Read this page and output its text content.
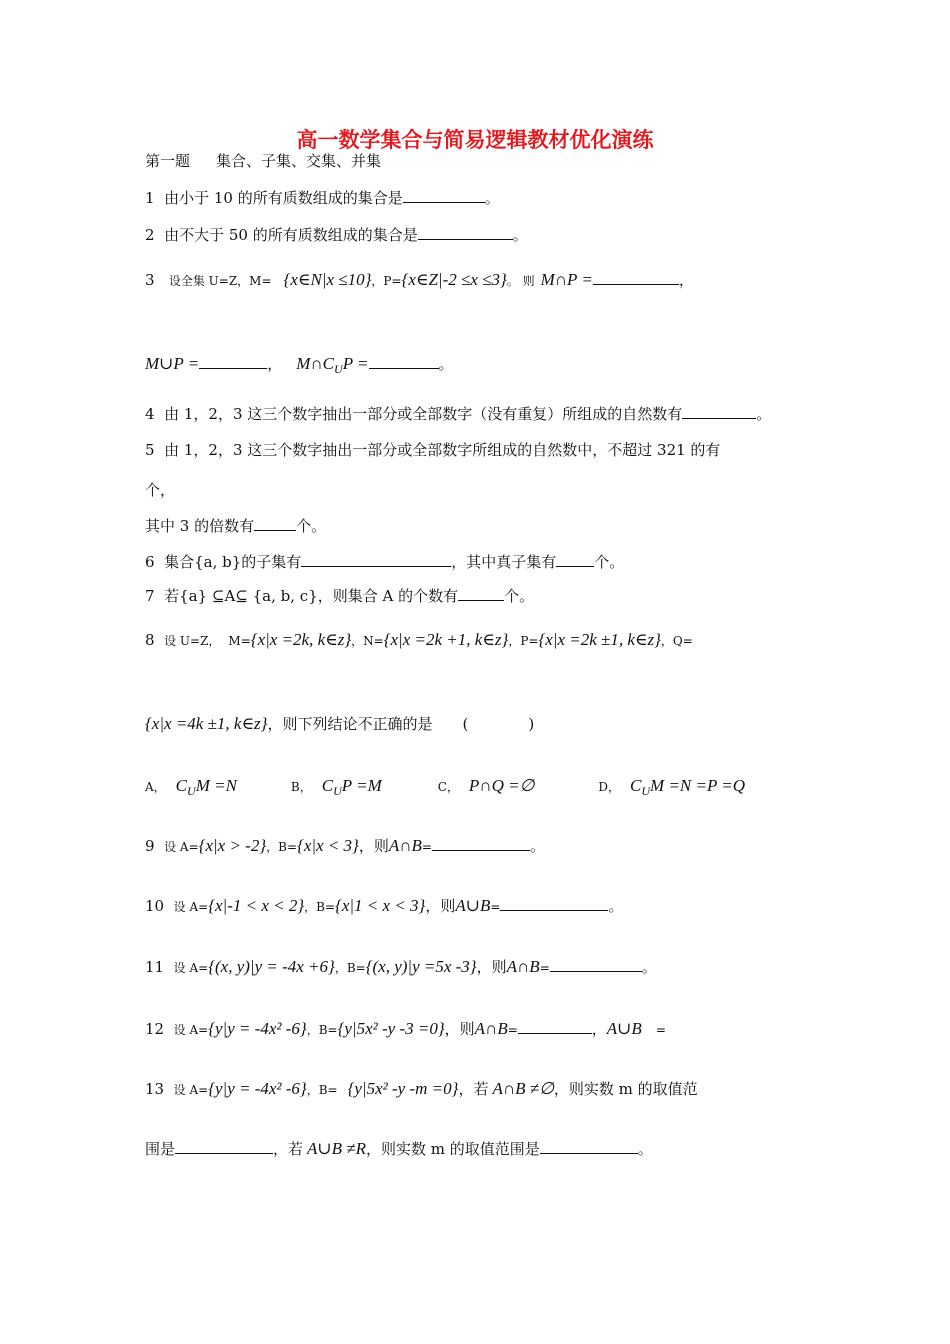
高一数学集合与简易逻辑教材优化演练
第一题 集合、子集、交集、并集
1 由小于 10 的所有质数组成的集合是	。
2 由不大于 50 的所有质数组成的集合是	。
3 设全集 U=Z，M= {x∈N|x ≤10}，P={x∈Z|-2 ≤x ≤3}。 则 M∩P =	，
M∪P =	， $M\cap C_UP$ =	。
4 由 1，2，3 这三个数字抽出一部分或全部数字（没有重复）所组成的自然数有	。
5 由 1，2，3 这三个数字抽出一部分或全部数字所组成的自然数中，不超过 321 的有
个，
其中 3 的倍数有	个。
6 集合{a, b}的子集有	，其中真子集有	个。
7 若{a} ⊆A⊆ {a, b, c}，则集合 A 的个数有	个。
8 设 U=Z， M={x|x =2k, k∈z}，N={x|x =2k +1, k∈z}，P={x|x =2k ±1, k∈z}，Q=
{x|x =4k ±1, k∈z}，则下列结论不正确的是 (　　　　)
A， $C_UM =N$	B， $C_UP =M$	C， P∩Q =∅	D， $C_UM =N =P =Q$
9 设 A={x|x > -2}，B={x|x < 3}，则A∩B=	。
10 设 A={x|-1 < x < 2}，B={x|1 < x < 3}，则A∪B=	。
11 设 A={(x, y)|y = -4x +6}，B={(x, y)|y =5x -3}，则A∩B=	。
12 设 A={y|y = -4x² -6}，B={y|5x² -y -3 =0}，则A∩B=	，A∪B =
13 设 A={y|y = -4x² -6}，B= {y|5x² -y -m =0}，若 A∩B ≠∅，则实数 m 的取值范
围是	，若 A∪B ≠R，则实数 m 的取值范围是	。
